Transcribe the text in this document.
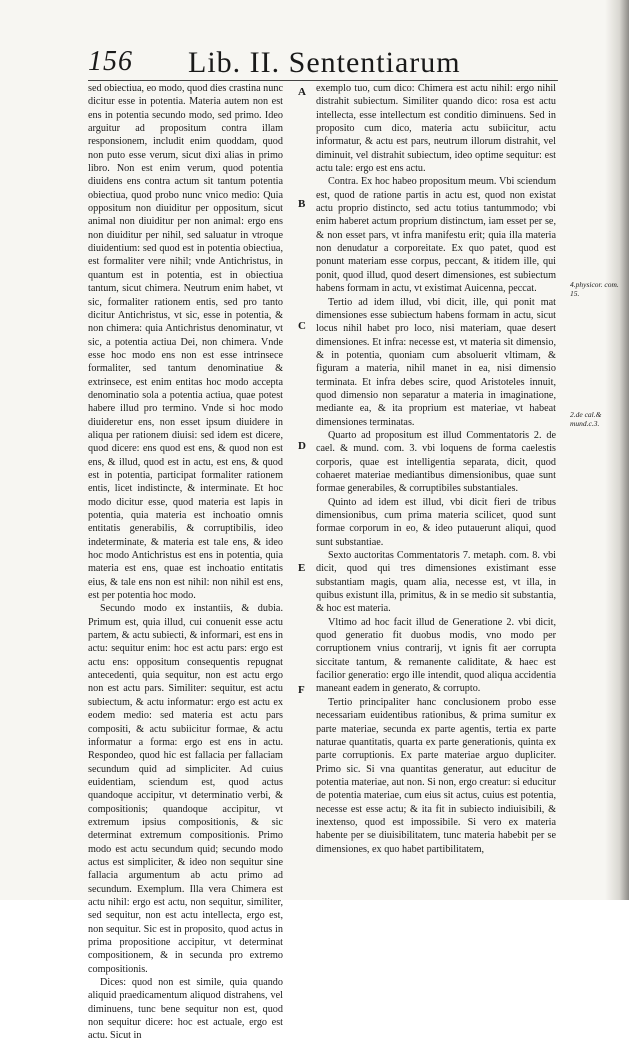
156 Lib. II. Sententiarum

sed obiectiua, eo modo, quod dies crastina nunc dicitur esse in potentia. Materia autem non est ens in potentia secundo modo, sed primo. Ideo arguitur ad propositum contra illam responsionem, includit enim quoddam, quod non puto esse verum, sicut dixi alias in primo libro. Non est enim verum, quod potentia diuidens ens contra actum sit tantum potentia obiectiua, quod probo nunc vnico medio: Quia oppositum non diuiditur per oppositum, sicut animal non diuiditur per non animal: ergo ens non diuiditur per nihil, sed saluatur in vtroque diuidentium: sed quod est in potentia obiectiua, est formaliter vere nihil; vnde Antichristus, in quantum est in potentia, est in obiectiua tantum, sicut chimera. Neutrum enim habet, vt sic, formaliter rationem entis, sed pro tanto dicitur Antichristus, vt sic, esse in potentia, & non chimera: quia Antichristus denominatur, vt sic, a potentia actiua Dei, non chimera. Vnde esse hoc modo ens non est esse intrinsece formaliter, sed tantum denominatiue & extrinsece, est enim entitas hoc modo accepta denominatio sola a potentia actiua, quae potest habere illud pro termino. Vnde si hoc modo diuideretur ens, non esset ipsum diuidere in aliqua per rationem diuisi: sed idem est dicere, quod dicere: ens quod est ens, & quod non est ens, & illud, quod est in actu, est ens, & quod est in potentia, participat formaliter rationem entis, licet indistincte, & interminate. Et hoc modo dicitur esse, quod materia est lapis in potentia, quia materia est inchoatio omnis entitatis generabilis, & corruptibilis, ideo indeterminate, & materia est tale ens, & ideo hoc modo Antichristus est ens in potentia, quia materia est ens, quae est inchoatio entitatis eius, & tale ens non est nihil: non nihil est ens, est per potentia hoc modo.

Secundo modo ex instantiis, & dubia. Primum est, quia illud, cui conuenit esse actu partem, & actu subiecti, & informari, est ens in actu: sequitur enim: hoc est actu pars: ergo est actu ens: oppositum consequentis repugnat antecedenti, quia sequitur, non est actu ergo non est actu pars. Similiter: sequitur, est actu subiectum, & actu informatur: ergo est actu ex eodem medio: sed materia est actu pars compositi, & actu subiicitur formae, & actu informatur a forma: ergo est ens in actu. Respondeo, quod hic est fallacia per fallaciam secundum quid ad simpliciter. Ad cuius euidentiam, sciendum est, quod actus quandoque accipitur, vt determinatio verbi, & compositionis; quandoque accipitur, vt extremum ipsius compositionis, & sic determinat extremum compositionis. Primo modo est actu secundum quid; secundo modo actus est simpliciter, & ideo non sequitur sine fallacia argumentum ab actu primo ad secundum. Exemplum. Illa vera Chimera est actu nihil: ergo est actu, non sequitur, similiter, sed sequitur, non est actu intellecta, ergo est, non sequitur. Sic est in proposito, quod actus in prima propositione accipitur, vt determinat compositionem, & in secunda pro extremo compositionis.

Dices: quod non est simile, quia quando aliquid praedicamentum aliquod distrahens, vel diminuens, tunc bene sequitur non est, quod non sequitur dicere: hoc est actuale, ergo est actu. Sicut in

exemplo tuo, cum dico: Chimera est actu nihil: ergo nihil distrahit subiectum. Similiter quando dico: rosa est actu intellecta, esse intellectum est conditio diminuens. Sed in proposito cum dico, materia actu subiicitur, actu informatur, & actu est pars, neutrum illorum distrahit, vel diminuit, vel distrahit subiectum, ideo optime sequitur: est actu tale: ergo est ens actu.

Contra. Ex hoc habeo propositum meum. Vbi sciendum est, quod de ratione partis in actu est, quod non existat actu proprio distincto, sed actu totius tantummodo; vbi enim haberet actum proprium distinctum, iam esset per se, & non esset pars, vt infra manifestu erit; quia illa materia non denudatur a corporeitate. Ex quo patet, quod est ponunt materiam esse corpus, peccant, & itidem ille, qui ponit, quod illud, quod desert dimensiones, est subiectum habens formam in actu, vt existimat Auicenna, peccat.

Tertio ad idem illud, vbi dicit, ille, qui ponit mat dimensiones esse subiectum habens formam in actu, sicut locus nihil habet pro loco, nisi materiam, quae desert dimensiones. Et infra: necesse est, vt materia sit dimensio, & in potentia, quoniam cum absoluerit vltimam, & figuram a materia, nihil manet in ea, nisi dimensio terminata. Et infra debes scire, quod Aristoteles innuit, quod dimensio non separatur a materia in imaginatione, mediante ea, & ita proprium est materiae, vt habeat dimensiones terminatas.

Quarto ad propositum est illud Commentatoris 2. de cael. & mund. com. 3. vbi loquens de forma caelestis corporis, quae est intelligentia separata, dicit, quod cohaeret materiae mediantibus dimensionibus, quae sunt formae generabiles, & corruptibiles substantiales.

Quinto ad idem est illud, vbi dicit fieri de tribus dimensionibus, cum prima materia scilicet, quod sunt formae corporum in eo, & ideo putauerunt aliqui, quod sunt substantiae.

Sexto auctoritas Commentatoris 7. metaph. com. 8. vbi dicit, quod qui tres dimensiones existimant esse substantiam magis, quam alia, necesse est, vt illa, in quibus existunt illa, primitus, & in se medio sit substantia, & hoc est materia.

Vltimo ad hoc facit illud de Generatione 2. vbi dicit, quod generatio fit duobus modis, vno modo per corruptionem vnius contrarij, vt ignis fit aer corrupta siccitate tantum, & remanente caliditate, & haec est facilior generatio: ergo ille intendit, quod aliqua accidentia maneant eadem in generato, & corrupto.

Tertio principaliter hanc conclusionem probo esse necessariam euidentibus rationibus, & prima sumitur ex parte materiae, secunda ex parte agentis, tertia ex parte naturae quantitatis, quarta ex parte generationis, quinta ex parte corruptionis. Ex parte materiae arguo dupliciter. Primo sic. Si vna quantitas generatur, aut educitur de potentia materiae, aut non. Si non, ergo creatur: si educitur de potentia materiae, cum eius sit actus, cuius est potentia, necesse est esse actu; & ita fit in subiecto indiuisibili, & inextenso, quod est impossibile. Si vero ex materia habente per se diuisibilitatem, tunc materia habebit per se dimensiones, ex quo habet partibilitatem,

A
B
C
D
E
F
4.physicor. com. 15.
2.de cal.& mund.c.3.
